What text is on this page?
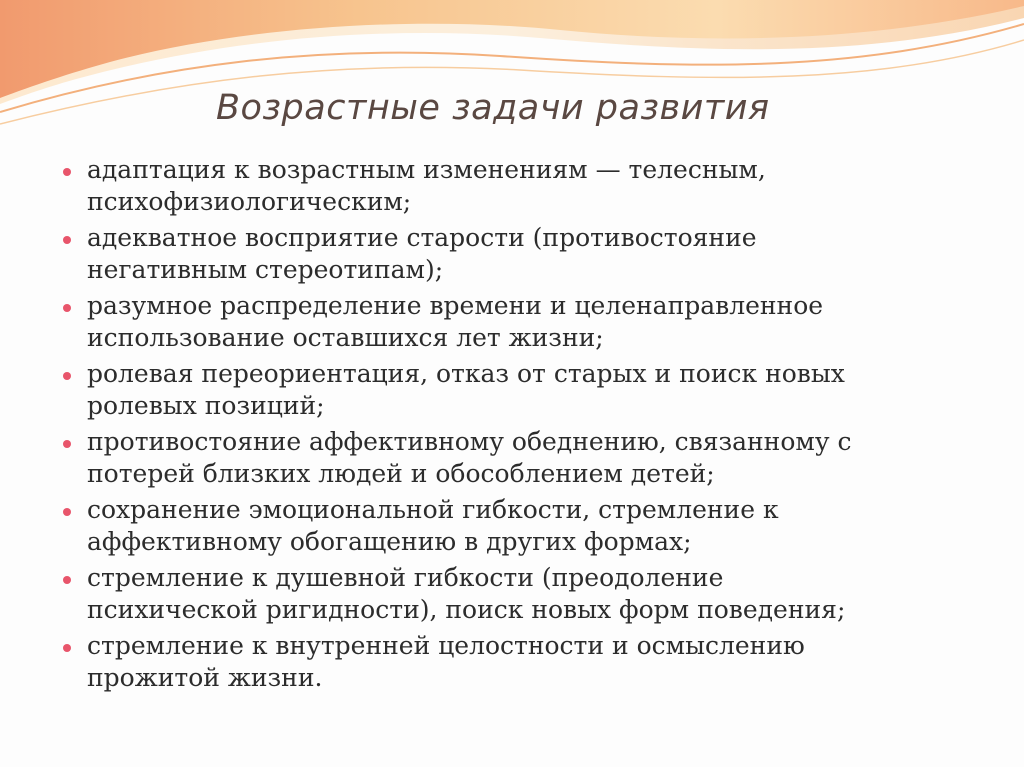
Возрастные задачи развития
адаптация к возрастным изменениям — телесным,
психофизиологическим;
адекватное восприятие старости (противостояние
негативным стереотипам);
разумное распределение времени и целенаправленное
использование оставшихся лет жизни;
ролевая переориентация, отказ от старых и поиск новых
ролевых позиций;
противостояние аффективному обеднению, связанному с
потерей близких людей и обособлением детей;
сохранение эмоциональной гибкости, стремление к
аффективному обогащению в других формах;
стремление к душевной гибкости (преодоление
психической ригидности), поиск новых форм поведения;
стремление к внутренней целостности и осмыслению
прожитой жизни.
